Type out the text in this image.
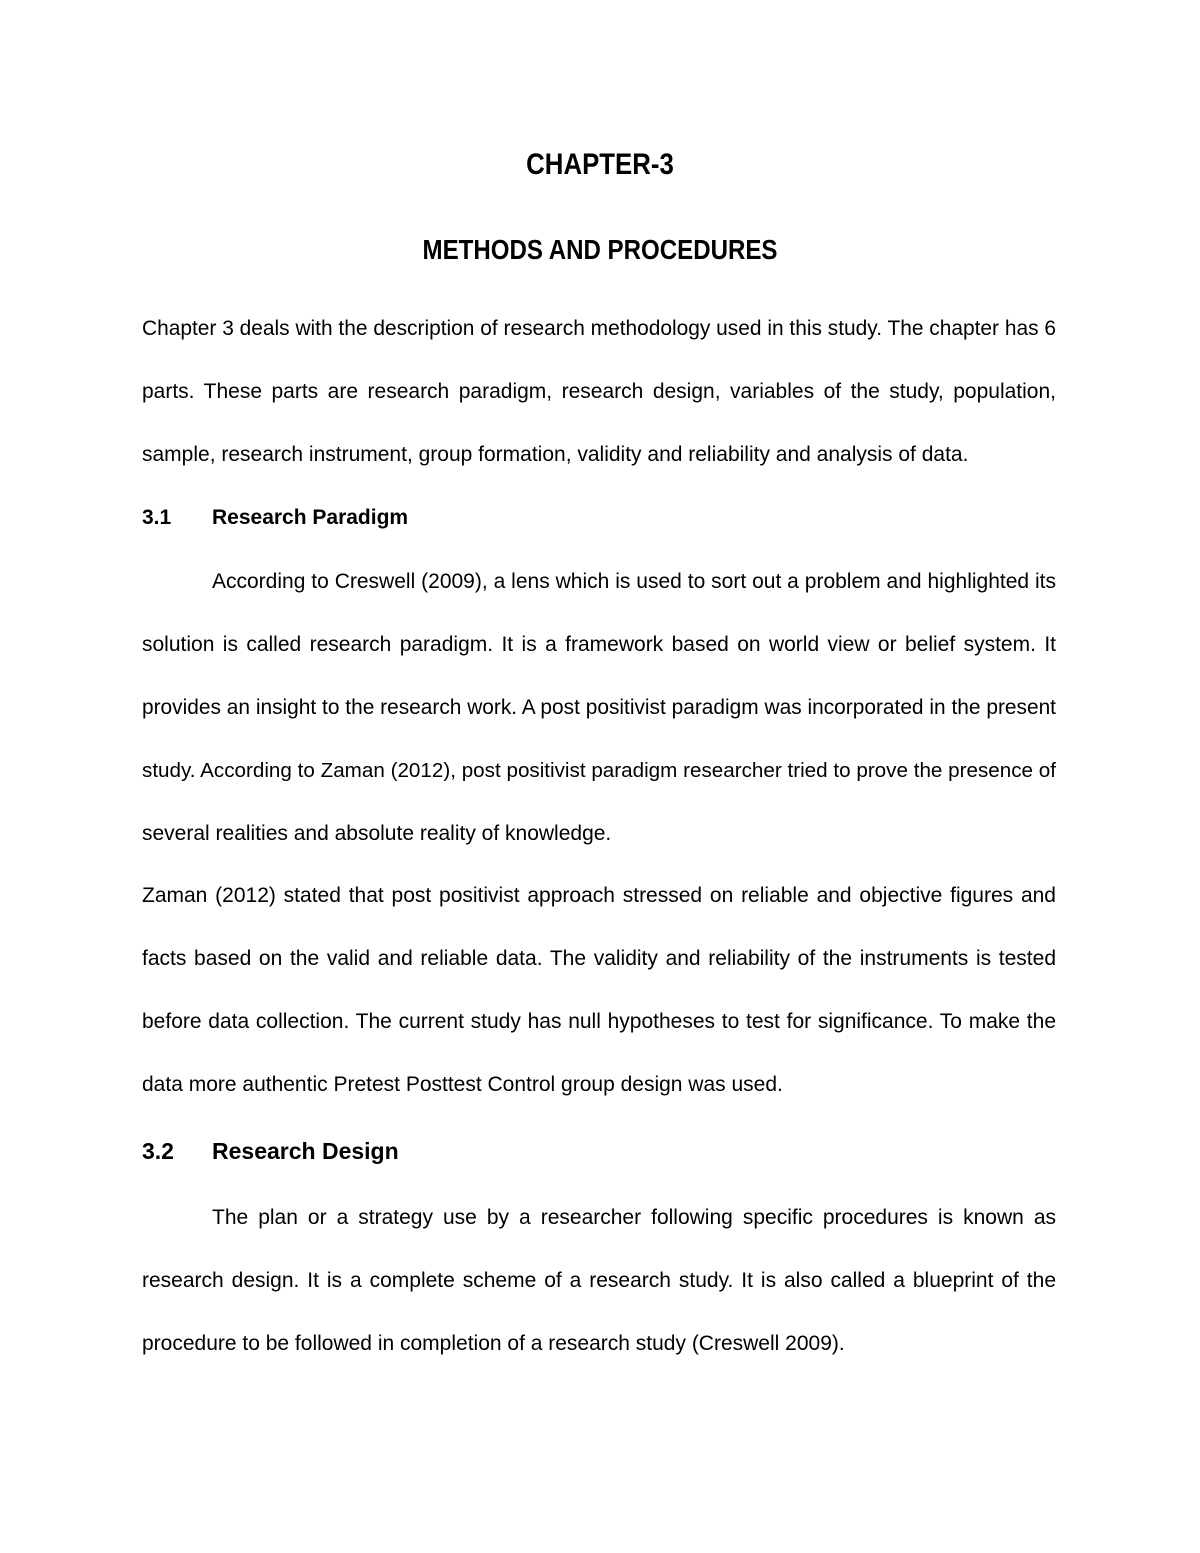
CHAPTER-3
METHODS AND PROCEDURES
Chapter 3 deals with the description of research methodology used in this study. The chapter has 6
parts. These parts are research paradigm, research design, variables of the study, population,
sample, research instrument, group formation, validity and reliability and analysis of data.
3.1 Research Paradigm
According to Creswell (2009), a lens which is used to sort out a problem and highlighted its
solution is called research paradigm. It is a framework based on world view or belief system. It
provides an insight to the research work. A post positivist paradigm was incorporated in the present
study. According to Zaman (2012), post positivist paradigm researcher tried to prove the presence of
several realities and absolute reality of knowledge.
Zaman (2012) stated that post positivist approach stressed on reliable and objective figures and
facts based on the valid and reliable data. The validity and reliability of the instruments is tested
before data collection. The current study has null hypotheses to test for significance. To make the
data more authentic Pretest Posttest Control group design was used.
3.2 Research Design
The plan or a strategy use by a researcher following specific procedures is known as
research design. It is a complete scheme of a research study. It is also called a blueprint of the
procedure to be followed in completion of a research study (Creswell 2009).
